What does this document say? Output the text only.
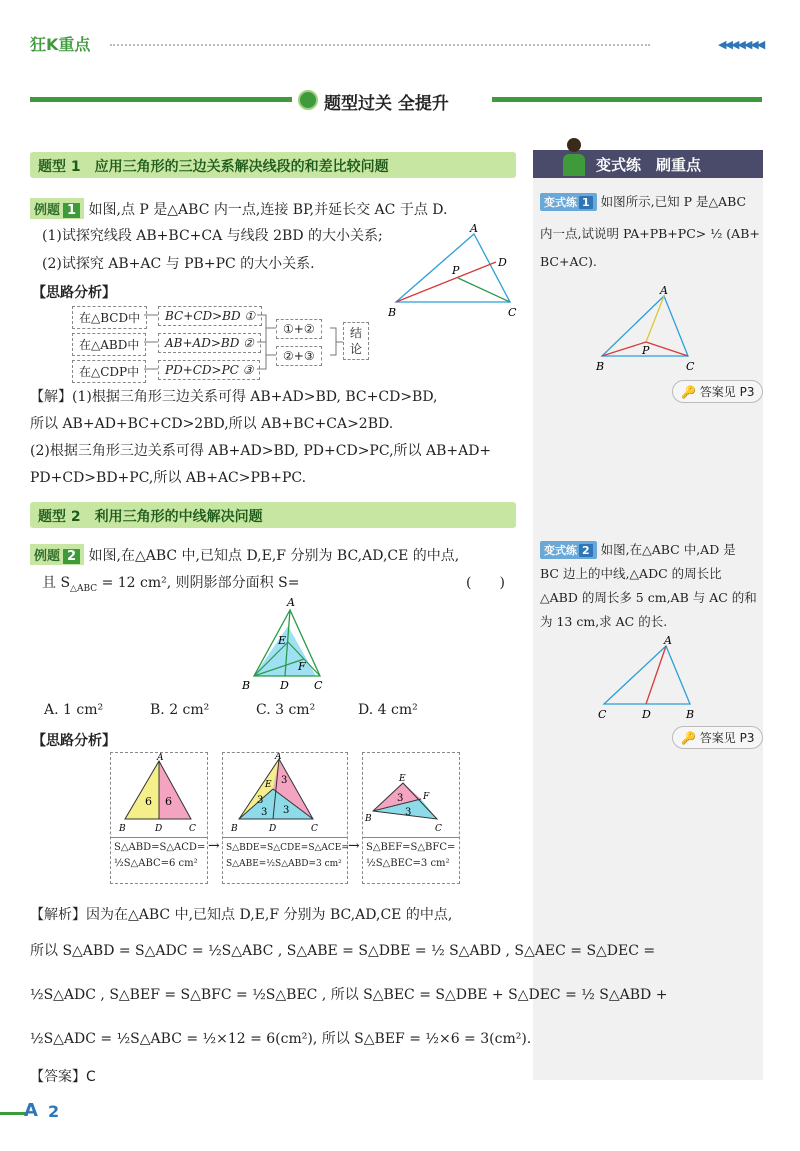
狂K重点	◀◀◀◀◀◀◀
题型过关 全提升
题型 1　应用三角形的三边关系解决线段的和差比较问题
例题 1 如图,点 P 是△ABC 内一点,连接 BP,并延长交 AC 于点 D.
(1)试探究线段 AB+BC+CA 与线段 2BD 的大小关系;
(2)试探究 AB+AC 与 PB+PC 的大小关系.
A
B	C
D
P
【思路分析】
在△BCD中	BC+CD>BD ①
在△ABD中	AB+AD>BD ②
在△CDP中	PD+CD>PC ③
①+②
②+③
结论
【解】(1)根据三角形三边关系可得 AB+AD>BD, BC+CD>BD,
所以 AB+AD+BC+CD>2BD,所以 AB+BC+CA>2BD.
(2)根据三角形三边关系可得 AB+AD>BD, PD+CD>PC,所以 AB+AD+
PD+CD>BD+PC,所以 AB+AC>PB+PC.
题型 2　利用三角形的中线解决问题
例题 2 如图,在△ABC 中,已知点 D,E,F 分别为 BC,AD,CE 的中点,
且 $S_{\triangle ABC} = 12$ cm², 则阴影部分面积 S=	(　　)
A
B	D C
E
F
A. 1 cm²	B. 2 cm²	C. 3 cm²	D. 4 cm²
【思路分析】
6 6
A
B	D	C
S△ABD=S△ACD=
½S△ABC=6 cm²
→
3
3
3 3
A
B	D	C
E
S△BDE=S△CDE=S△ACE=
S△ABE=½S△ABD=3 cm²
→
3
3
E
F
B
C
S△BEF=S△BFC=
½S△BEC=3 cm²
【解析】因为在△ABC 中,已知点 D,E,F 分别为 BC,AD,CE 的中点,
所以 S△ABD = S△ADC = ½S△ABC , S△ABE = S△DBE = ½ S△ABD , S△AEC = S△DEC =
½S△ADC , S△BEF = S△BFC = ½S△BEC , 所以 S△BEC = S△DBE + S△DEC = ½ S△ABD +
½S△ADC = ½S△ABC = ½×12 = 6(cm²), 所以 S△BEF = ½×6 = 3(cm²).
【答案】C
变式练　刷重点
变式练 1 如图所示,已知 P 是△ABC
内一点,试说明 PA+PB+PC> ½ (AB+
BC+AC).
A
B	C
P
🔑 答案见 P3
变式练 2 如图,在△ABC 中,AD 是
BC 边上的中线,△ADC 的周长比
△ABD 的周长多 5 cm,AB 与 AC 的和
为 13 cm,求 AC 的长.
A
C	D	B
🔑 答案见 P3
A 2
